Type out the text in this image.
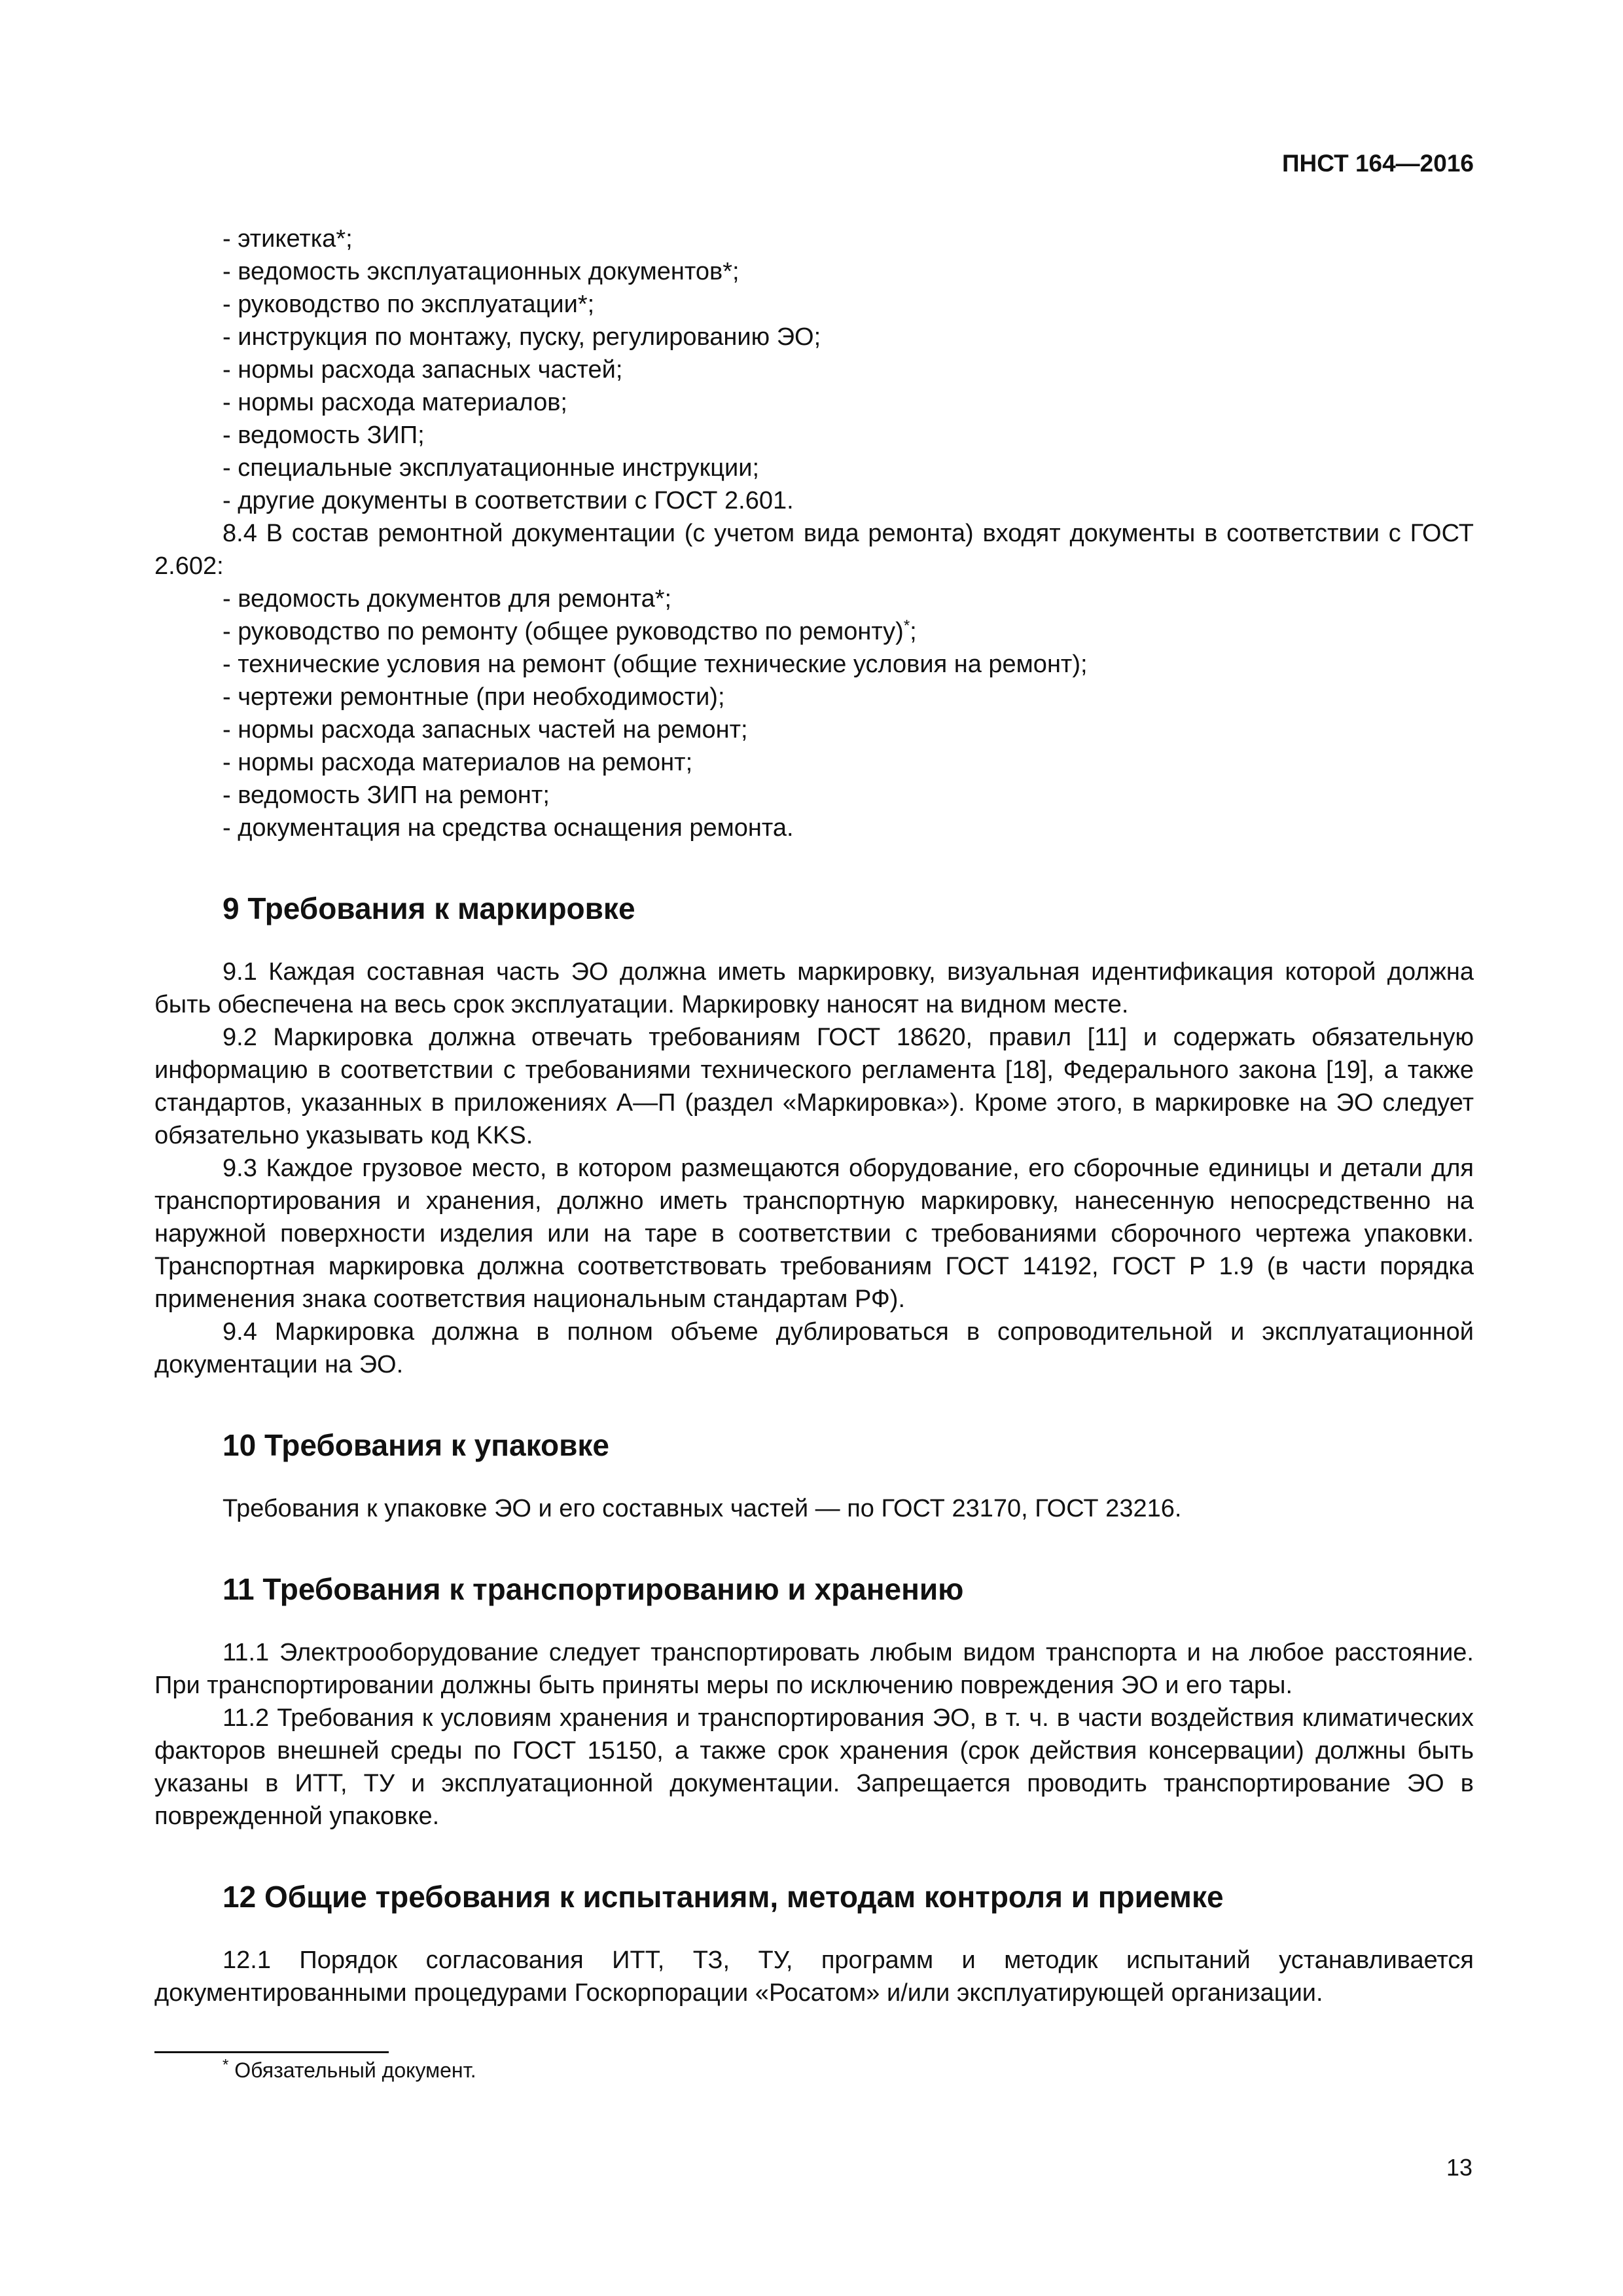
ПНСТ 164—2016

- этикетка*;

- ведомость эксплуатационных документов*;

- руководство по эксплуатации*;

- инструкция по монтажу, пуску, регулированию ЭО;

- нормы расхода запасных частей;

- нормы расхода материалов;

- ведомость ЗИП;

- специальные эксплуатационные инструкции;

- другие документы в соответствии с ГОСТ 2.601.

8.4 В состав ремонтной документации (с учетом вида ремонта) входят документы в соответствии с ГОСТ 2.602:

- ведомость документов для ремонта*;

- руководство по ремонту (общее руководство по ремонту)*;

- технические условия на ремонт (общие технические условия на ремонт);

- чертежи ремонтные (при необходимости);

- нормы расхода запасных частей на ремонт;

- нормы расхода материалов на ремонт;

- ведомость ЗИП на ремонт;

- документация на средства оснащения ремонта.

9 Требования к маркировке

9.1 Каждая составная часть ЭО должна иметь маркировку, визуальная идентификация которой должна быть обеспечена на весь срок эксплуатации. Маркировку наносят на видном месте.

9.2 Маркировка должна отвечать требованиям ГОСТ 18620, правил [11] и содержать обязательную информацию в соответствии с требованиями технического регламента [18], Федерального закона [19], а также стандартов, указанных в приложениях А—П (раздел «Маркировка»). Кроме этого, в маркировке на ЭО следует обязательно указывать код KKS.

9.3 Каждое грузовое место, в котором размещаются оборудование, его сборочные единицы и детали для транспортирования и хранения, должно иметь транспортную маркировку, нанесенную непосредственно на наружной поверхности изделия или на таре в соответствии с требованиями сборочного чертежа упаковки. Транспортная маркировка должна соответствовать требованиям ГОСТ 14192, ГОСТ Р 1.9 (в части порядка применения знака соответствия национальным стандартам РФ).

9.4 Маркировка должна в полном объеме дублироваться в сопроводительной и эксплуатационной документации на ЭО.

10 Требования к упаковке

Требования к упаковке ЭО и его составных частей — по ГОСТ 23170, ГОСТ 23216.

11 Требования к транспортированию и хранению

11.1 Электрооборудование следует транспортировать любым видом транспорта и на любое расстояние. При транспортировании должны быть приняты меры по исключению повреждения ЭО и его тары.

11.2 Требования к условиям хранения и транспортирования ЭО, в т. ч. в части воздействия климатических факторов внешней среды по ГОСТ 15150, а также срок хранения (срок действия консервации) должны быть указаны в ИТТ, ТУ и эксплуатационной документации. Запрещается проводить транспортирование ЭО в поврежденной упаковке.

12 Общие требования к испытаниям, методам контроля и приемке

12.1 Порядок согласования ИТТ, ТЗ, ТУ, программ и методик испытаний устанавливается документированными процедурами Госкорпорации «Росатом» и/или эксплуатирующей организации.

* Обязательный документ.
13
